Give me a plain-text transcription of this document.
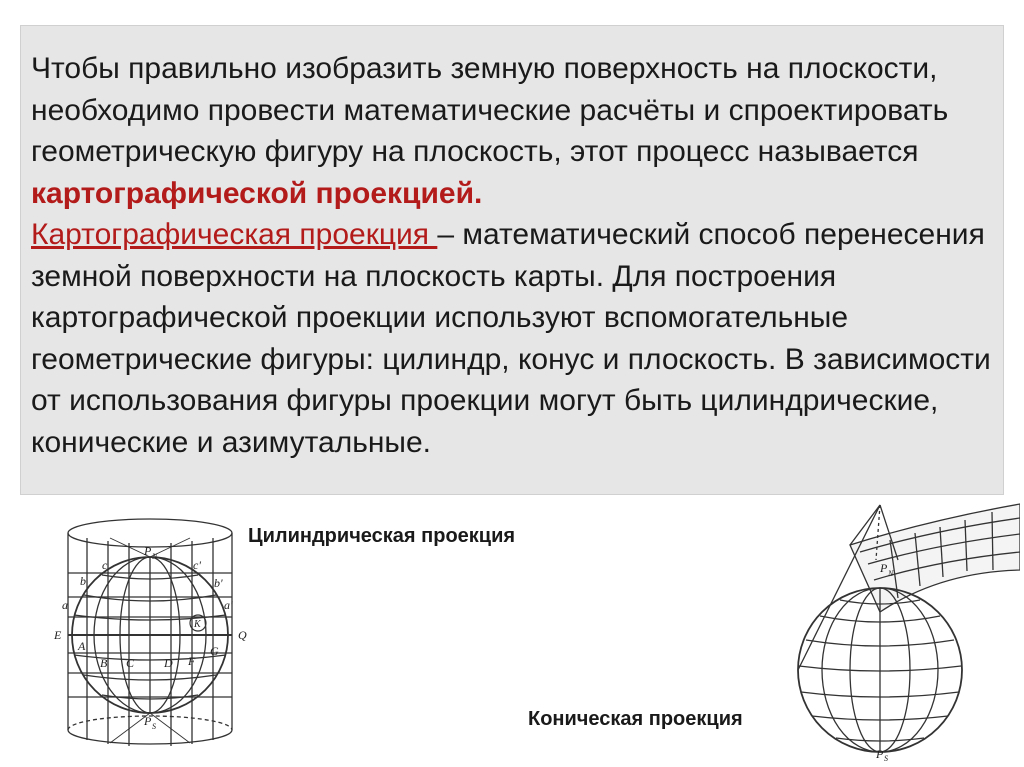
Чтобы правильно изобразить земную поверхность на плоскости, необходимо провести математические расчёты и спроектировать геометрическую фигуру на плоскость, этот процесс называется картографической проекцией.
Картографическая проекция – математический способ перенесения земной поверхности на плоскость карты. Для построения картографической проекции используют вспомогательные геометрические фигуры: цилиндр, конус и плоскость. В зависимости от использования фигуры проекции могут быть цилиндрические, конические и азимутальные.

Цилиндрическая проекция
Коническая проекция
P N
P S
c
b
a
c'
b'
a'
E	Q
K
A
B C D F
G
P N
P S
